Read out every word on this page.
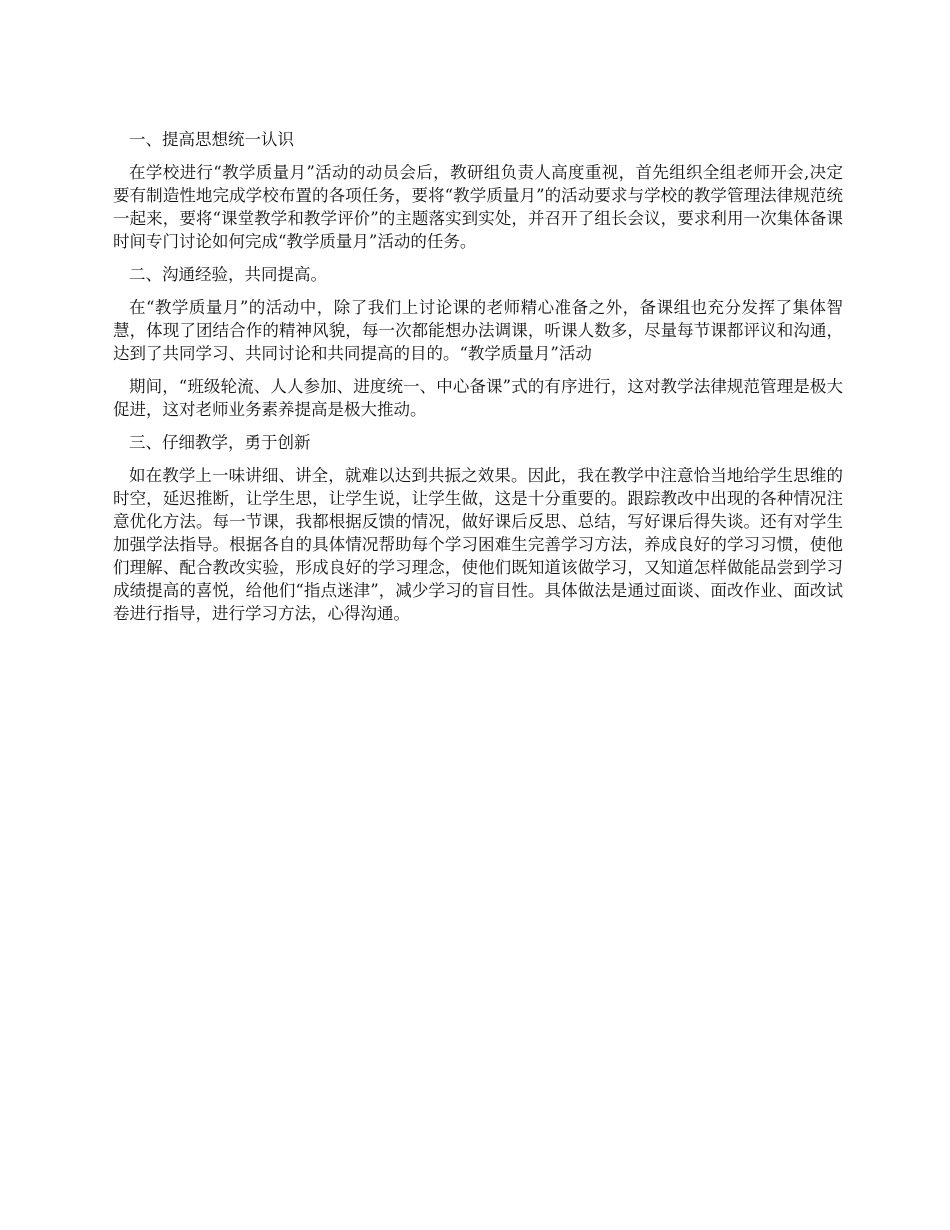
一、提高思想统一认识

在学校进行“教学质量月”活动的动员会后，教研组负责人高度重视，首先组织全组老师开会,决定要有制造性地完成学校布置的各项任务，要将“教学质量月”的活动要求与学校的教学管理法律规范统一起来，要将“课堂教学和教学评价”的主题落实到实处，并召开了组长会议，要求利用一次集体备课时间专门讨论如何完成“教学质量月”活动的任务。

二、沟通经验，共同提高。

在“教学质量月”的活动中，除了我们上讨论课的老师精心准备之外，备课组也充分发挥了集体智慧，体现了团结合作的精神风貌，每一次都能想办法调课，听课人数多，尽量每节课都评议和沟通，达到了共同学习、共同讨论和共同提高的目的。“教学质量月”活动

期间，“班级轮流、人人参加、进度统一、中心备课”式的有序进行，这对教学法律规范管理是极大促进，这对老师业务素养提高是极大推动。

三、仔细教学，勇于创新

如在教学上一味讲细、讲全，就难以达到共振之效果。因此，我在教学中注意恰当地给学生思维的时空，延迟推断，让学生思，让学生说，让学生做，这是十分重要的。跟踪教改中出现的各种情况注意优化方法。每一节课，我都根据反馈的情况，做好课后反思、总结，写好课后得失谈。还有对学生加强学法指导。根据各自的具体情况帮助每个学习困难生完善学习方法，养成良好的学习习惯，使他们理解、配合教改实验，形成良好的学习理念，使他们既知道该做学习，又知道怎样做能品尝到学习成绩提高的喜悦，给他们“指点迷津”，减少学习的盲目性。具体做法是通过面谈、面改作业、面改试卷进行指导，进行学习方法，心得沟通。
